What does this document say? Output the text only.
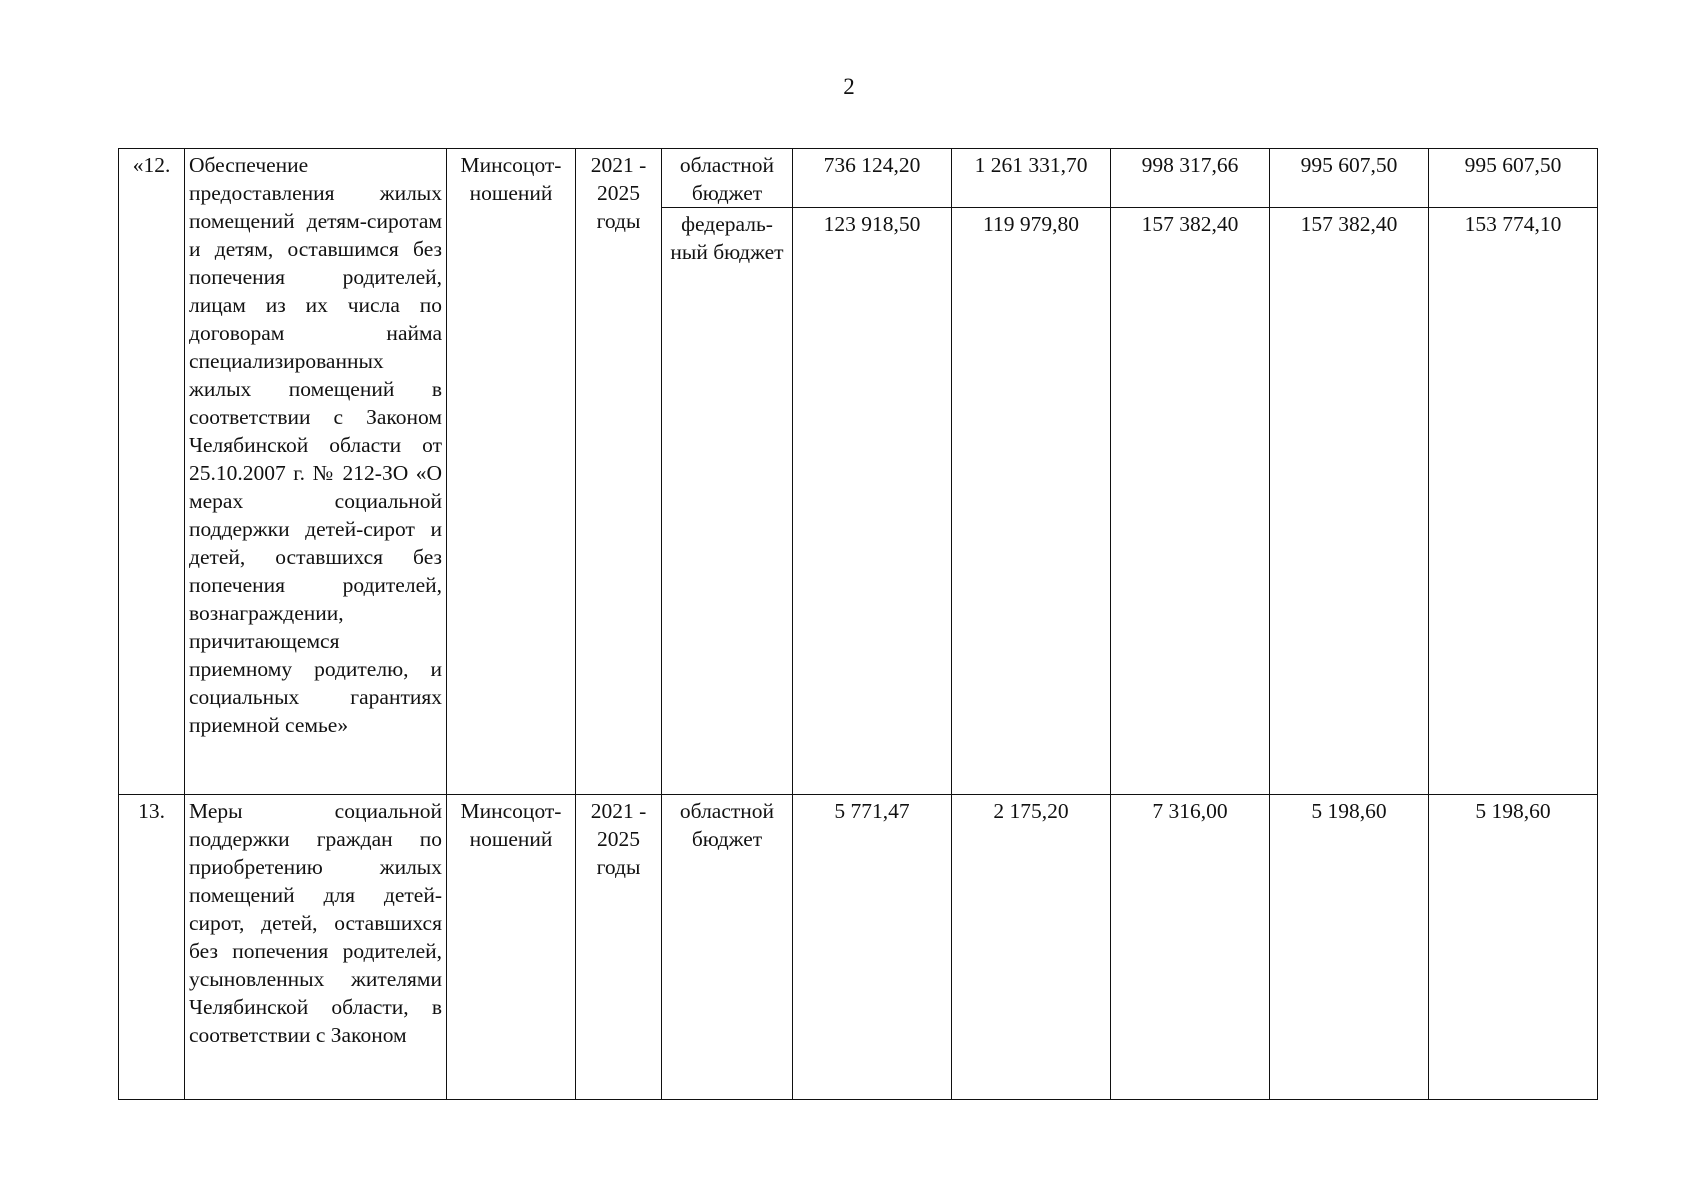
2
«12.	Обеспечение предоставления жилых помещений детям-сиротам и детям, оставшимся без попечения родителей, лицам из их числа по договорам найма специализированных жилых помещений в соответствии с Законом Челябинской области от 25.10.2007 г. № 212-ЗО «О мерах социальной поддержки детей-сирот и детей, оставшихся без попечения родителей, вознаграждении, причитающемся приемному родителю, и социальных гарантиях приемной семье»	Минсоцот-ношений	2021 - 2025 годы	областной бюджет	736 124,20	1 261 331,70	998 317,66	995 607,50	995 607,50
				федераль-ный бюджет	123 918,50	119 979,80	157 382,40	157 382,40	153 774,10
13.	Меры социальной поддержки граждан по приобретению жилых помещений для детей-сирот, детей, оставшихся без попечения родителей, усыновленных жителями Челябинской области, в соответствии с Законом	Минсоцот-ношений	2021 - 2025 годы	областной бюджет	5 771,47	2 175,20	7 316,00	5 198,60	5 198,60
